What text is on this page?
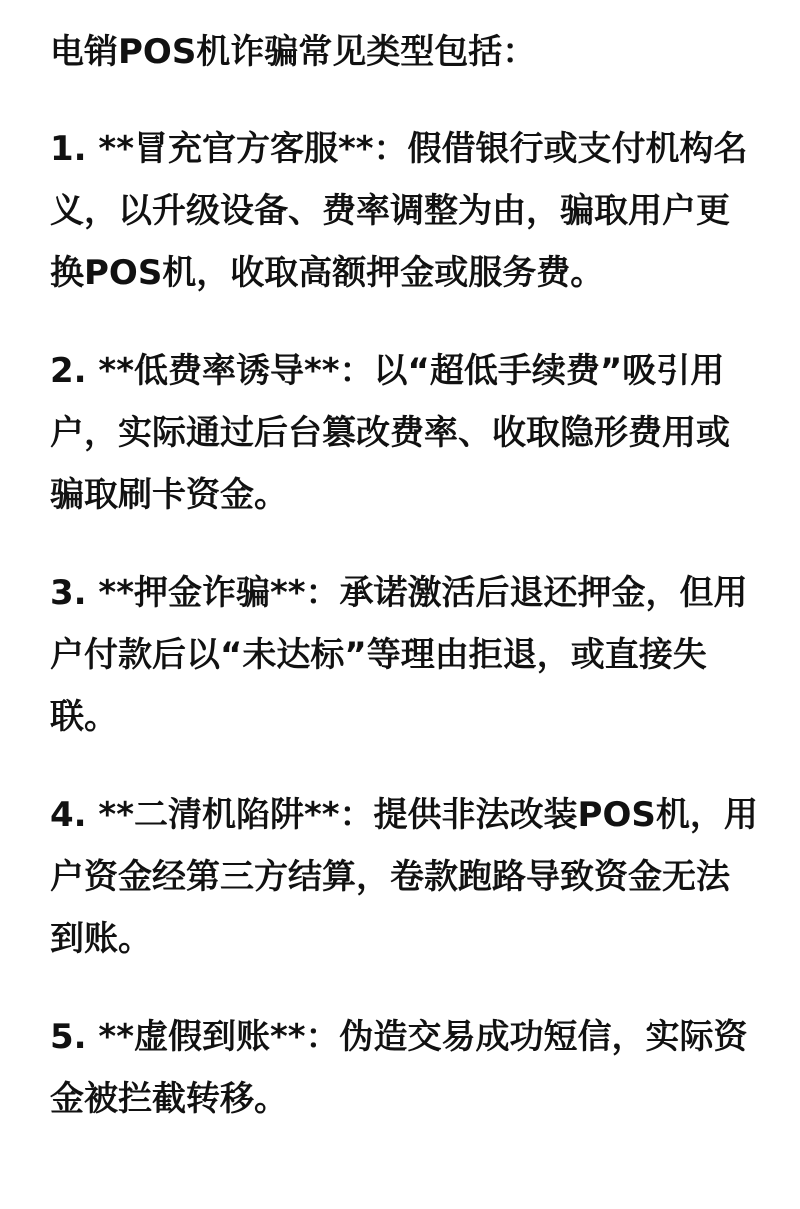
电销POS机诈骗常见类型包括：
1. **冒充官方客服**：假借银行或支付机构名义，以升级设备、费率调整为由，骗取用户更换POS机，收取高额押金或服务费。
2. **低费率诱导**：以“超低手续费”吸引用户，实际通过后台篡改费率、收取隐形费用或骗取刷卡资金。
3. **押金诈骗**：承诺激活后退还押金，但用户付款后以“未达标”等理由拒退，或直接失联。
4. **二清机陷阱**：提供非法改装POS机，用户资金经第三方结算，卷款跑路导致资金无法到账。
5. **虚假到账**：伪造交易成功短信，实际资金被拦截转移。
